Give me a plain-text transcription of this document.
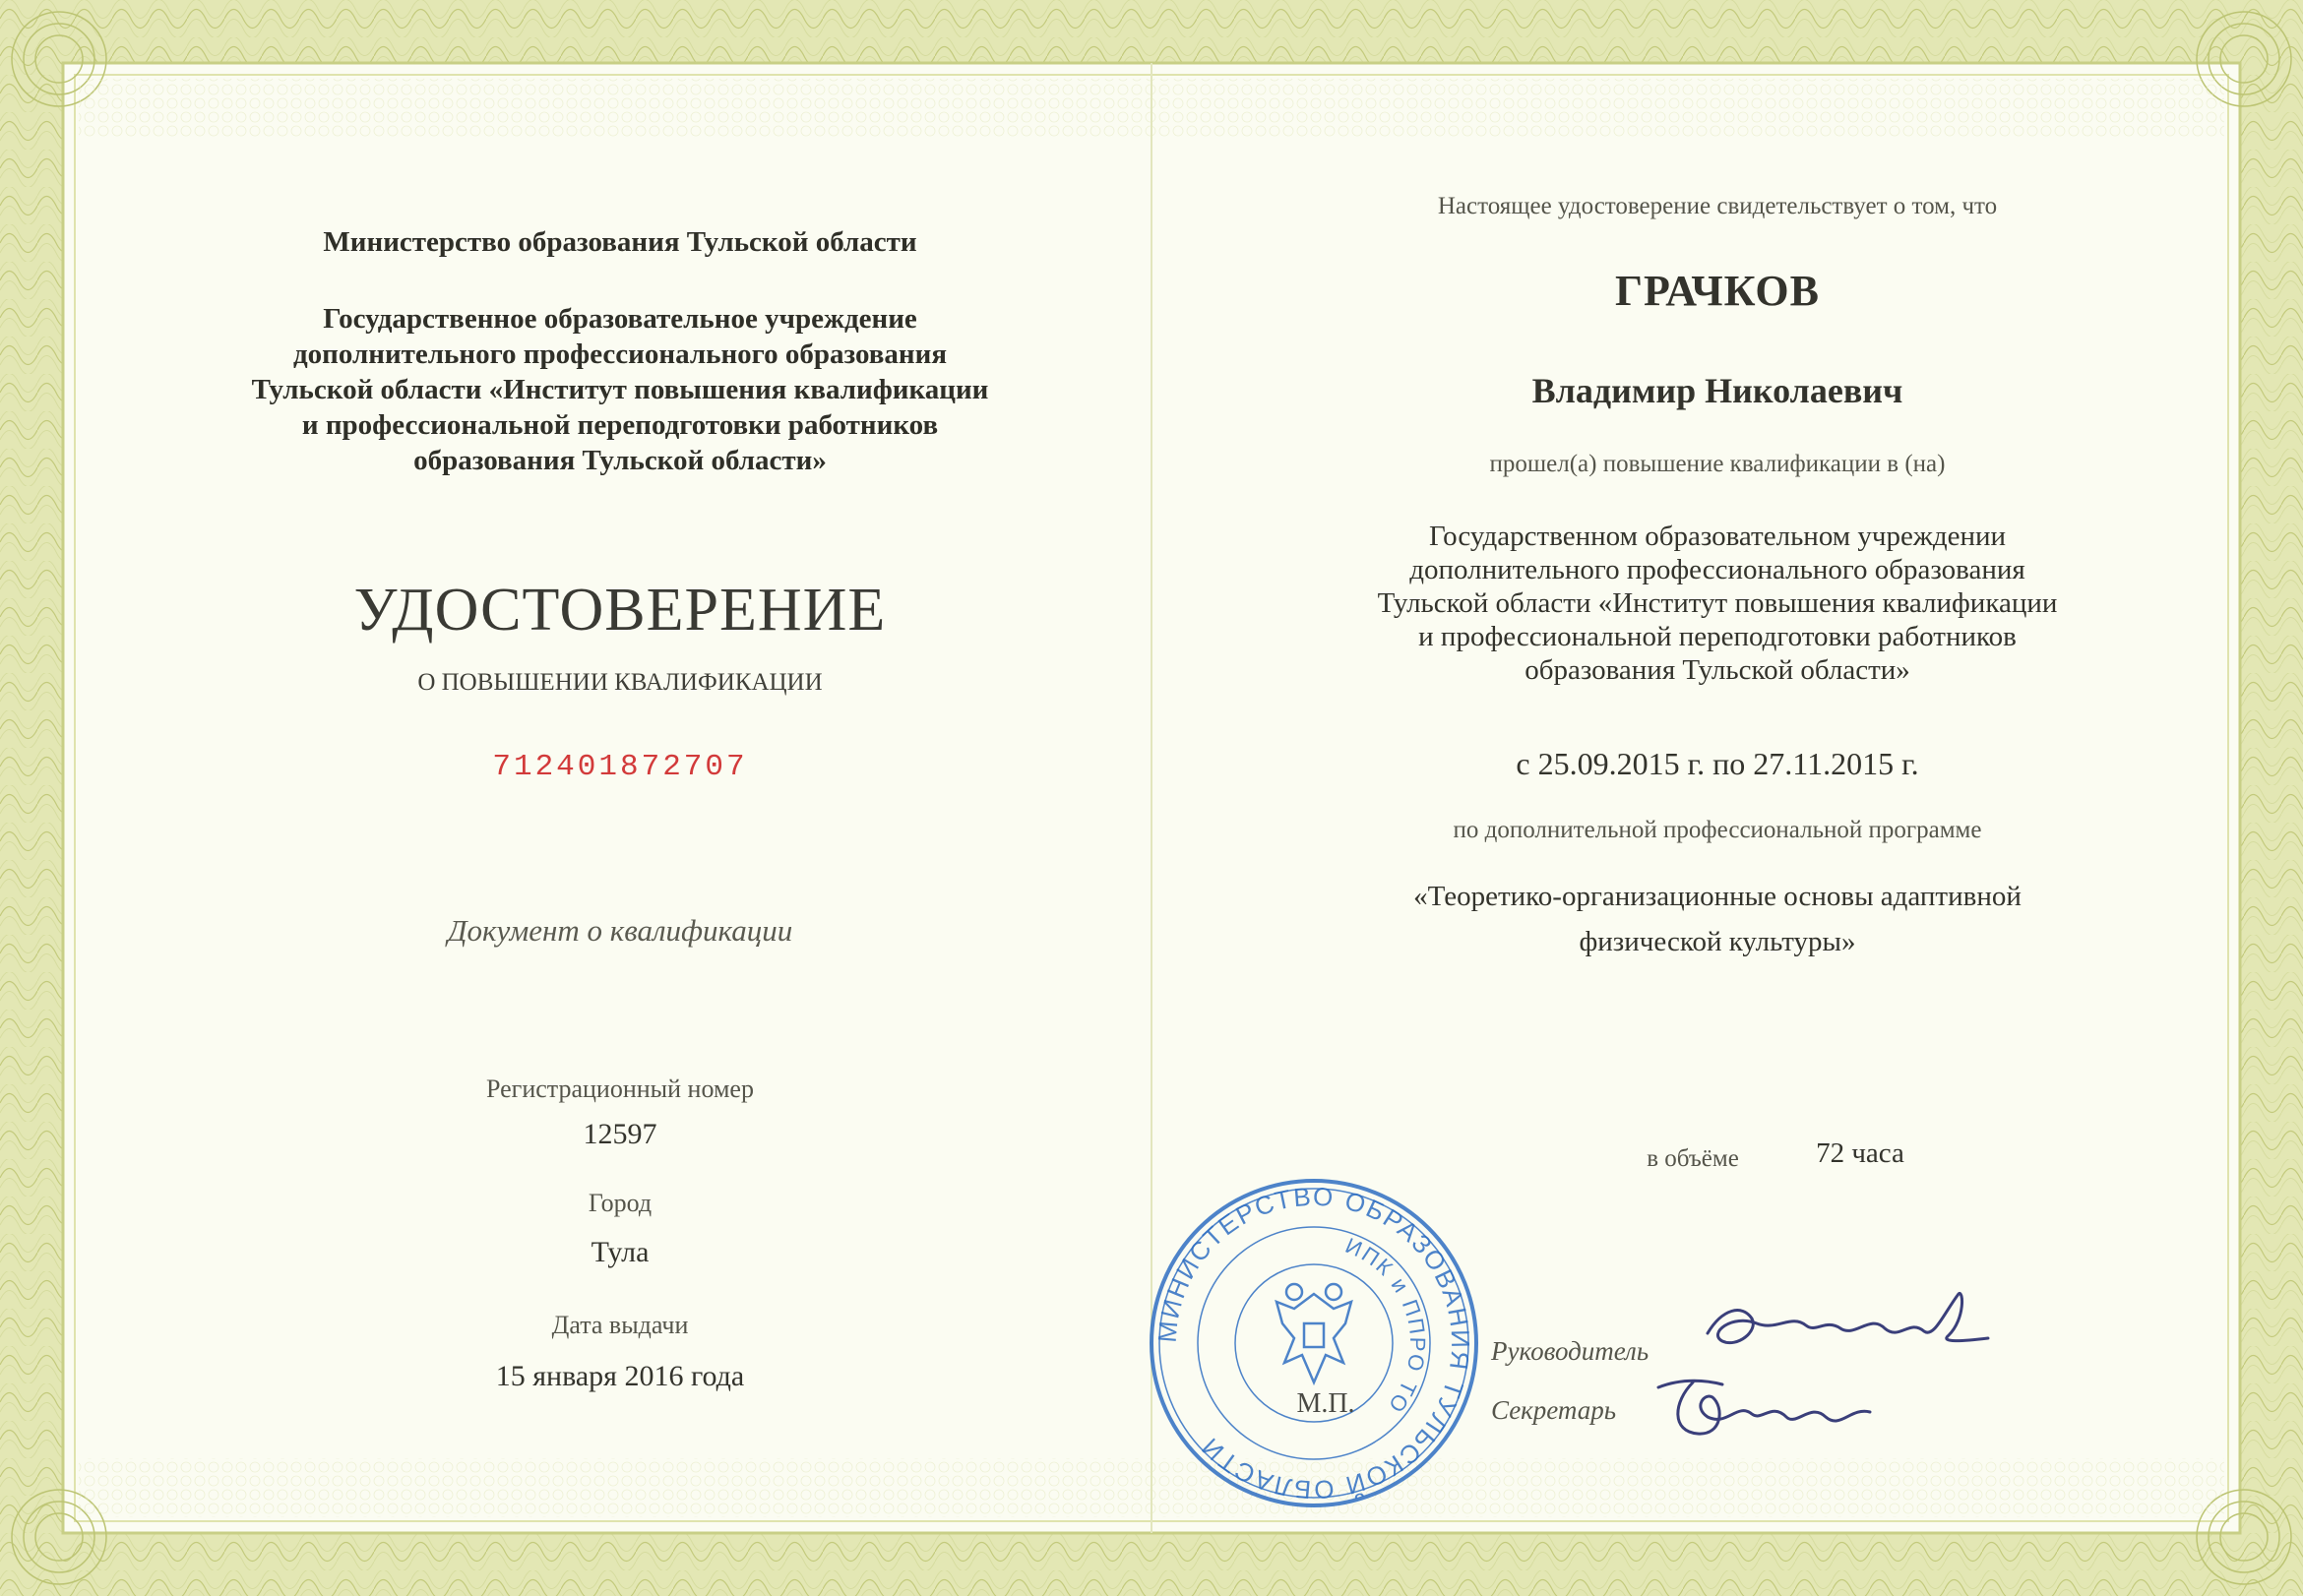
Министерство образования Тульской области
Государственное образовательное учреждение
дополнительного профессионального образования
Тульской области «Институт повышения квалификации
и профессиональной переподготовки работников
образования Тульской области»
УДОСТОВЕРЕНИЕ
О ПОВЫШЕНИИ КВАЛИФИКАЦИИ
712401872707
Документ о квалификации
Регистрационный номер
12597
Город
Тула
Дата выдачи
15 января 2016 года
Настоящее удостоверение свидетельствует о том, что
ГРАЧКОВ
Владимир Николаевич
прошел(а) повышение квалификации в (на)
Государственном образовательном учреждении
дополнительного профессионального образования
Тульской области «Институт повышения квалификации
и профессиональной переподготовки работников
образования Тульской области»
с 25.09.2015 г. по 27.11.2015 г.
по дополнительной профессиональной программе
«Теоретико-организационные основы адаптивной
физической культуры»
в объёме	72 часа
Руководитель
Секретарь
МИНИСТЕРСТВО ОБРАЗОВАНИЯ ТУЛЬСКОЙ ОБЛАСТИ
ИПК и ППРО ТО
М.П.
